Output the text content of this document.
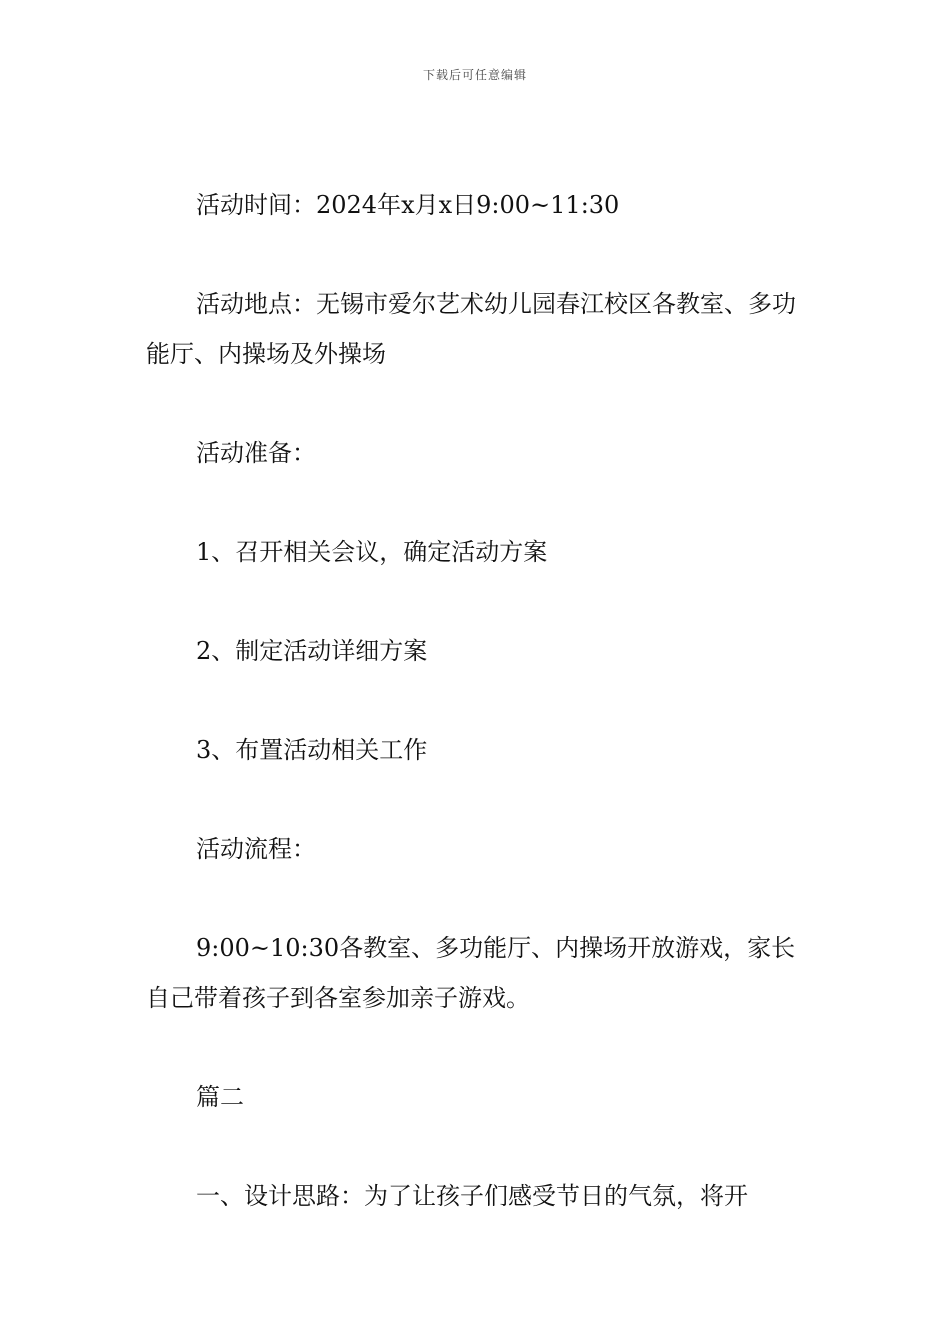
下载后可任意编辑

活动时间：2024年x月x日9:00~11:30

活动地点：无锡市爱尔艺术幼儿园春江校区各教室、多功能厅、内操场及外操场

活动准备：

1、召开相关会议，确定活动方案

2、制定活动详细方案

3、布置活动相关工作

活动流程：

9:00~10:30各教室、多功能厅、内操场开放游戏，家长自己带着孩子到各室参加亲子游戏。

篇二

一、设计思路：为了让孩子们感受节日的气氛，将开
